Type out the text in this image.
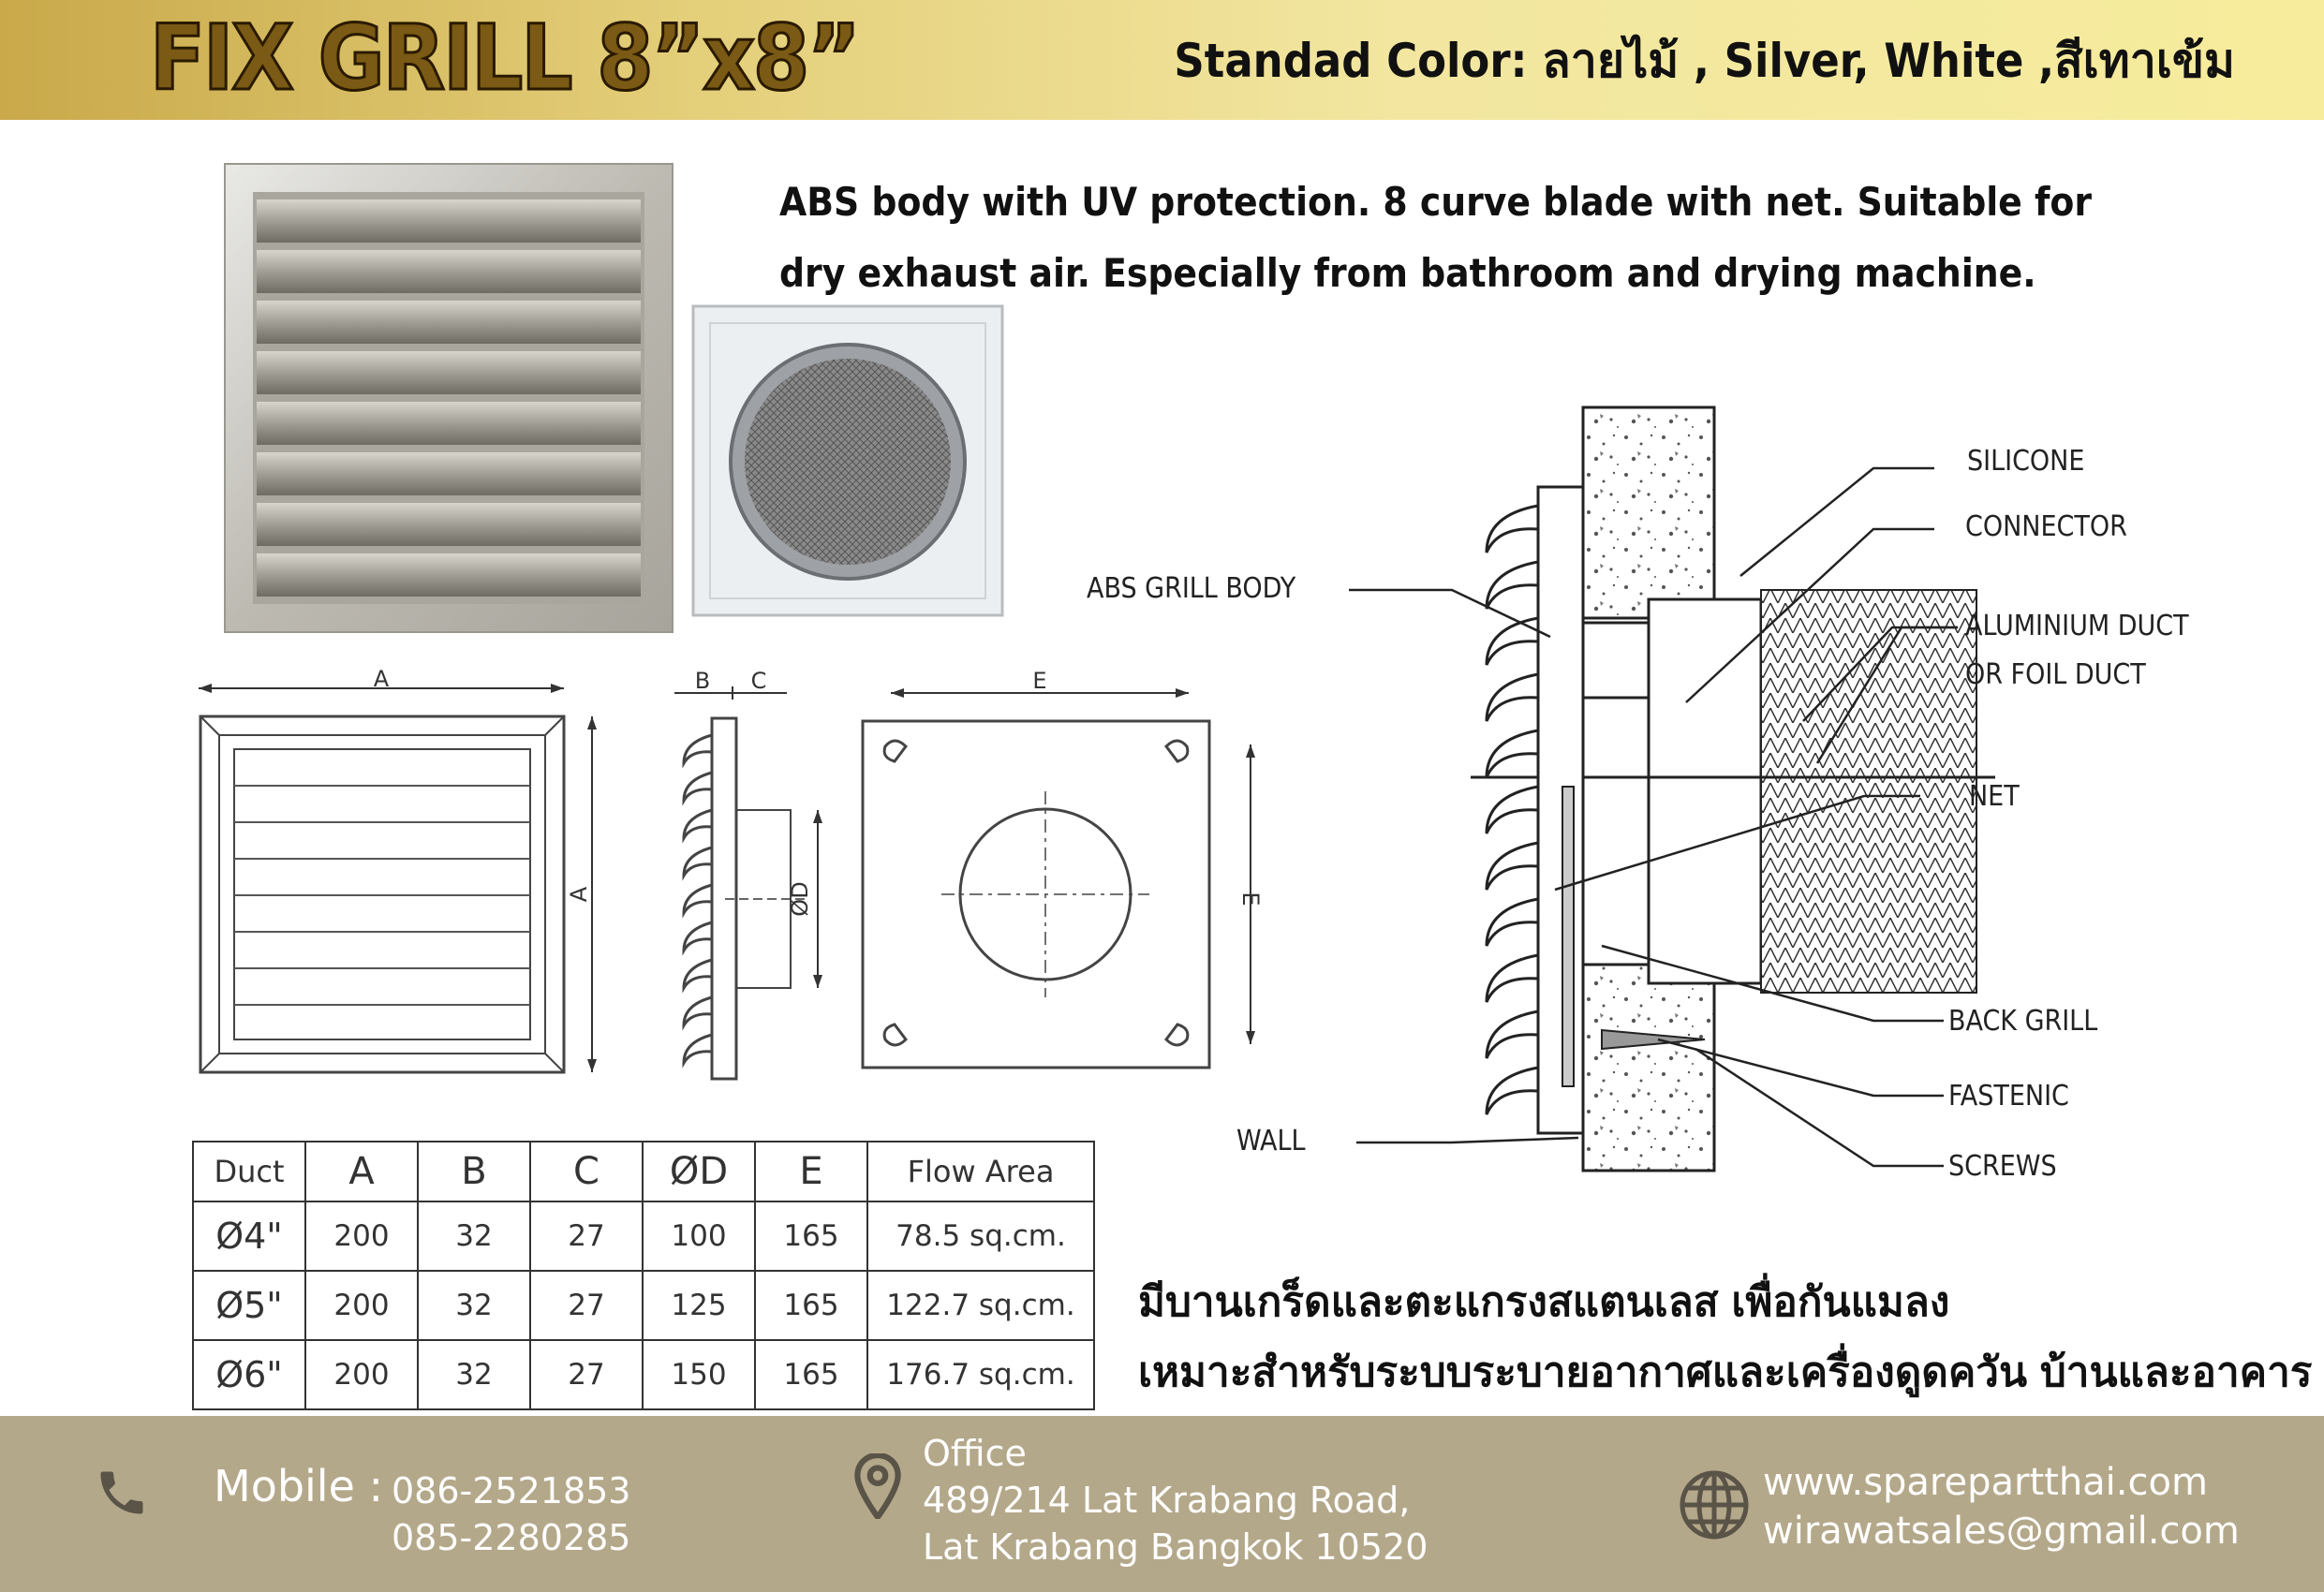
FIX GRILL 8”x8”	Standad Color: ลายไม้ , Silver, White ,สีเทาเข้ม
A
A
B C
ØD
E
E
SILICONE
CONNECTOR
ALUMINIUM DUCT
OR FOIL DUCT
ABS GRILL BODY
NET
BACK GRILL
FASTENIC
SCREWS
WALL
ABS body with UV protection. 8 curve blade with net. Suitable for
dry exhaust air. Especially from bathroom and drying machine.
Duct	A	B	C	ØD	E	Flow Area
Ø4"	200	32	27	100	165	78.5 sq.cm.
Ø5"	200	32	27	125	165	122.7 sq.cm.
Ø6"	200	32	27	150	165	176.7 sq.cm.
มีบานเกร็ดและตะแกรงสแตนเลส เพื่อกันแมลง
เหมาะสำหรับระบบระบายอากาศและเครื่องดูดควัน บ้านและอาคาร
Mobile : 086-2521853
085-2280285
Office
489/214 Lat Krabang Road,
Lat Krabang Bangkok 10520
www.sparepartthai.com
wirawatsales@gmail.com
